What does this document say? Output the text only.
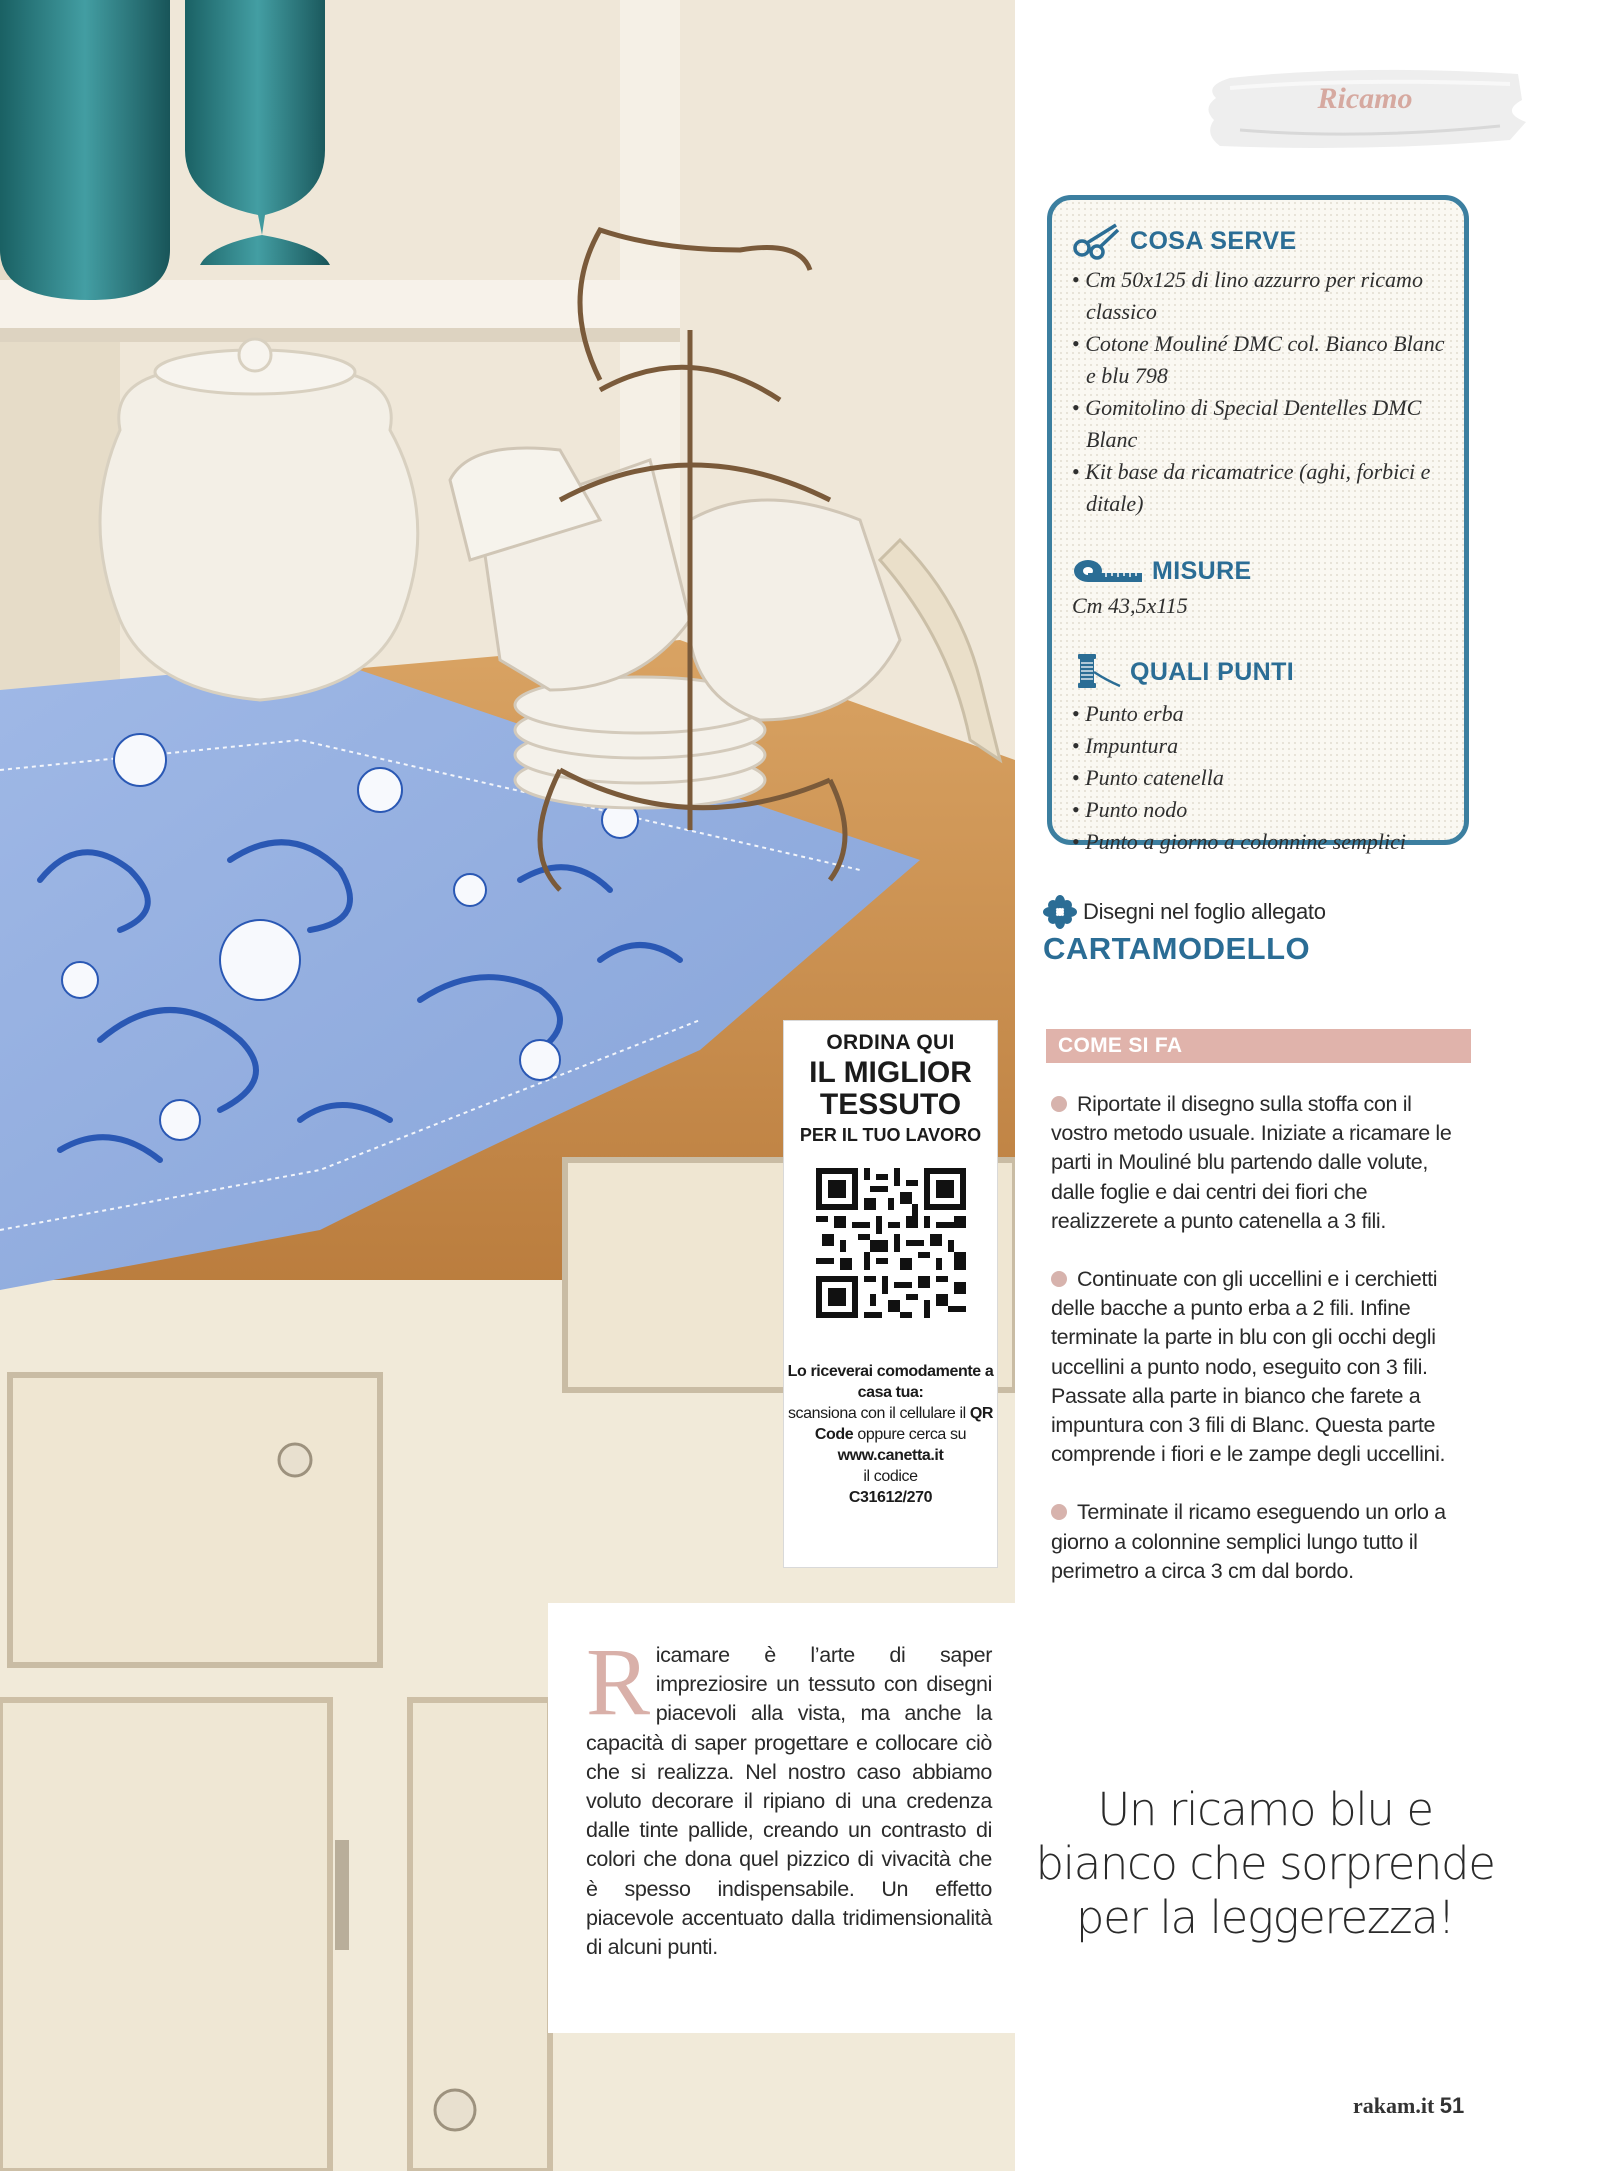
ORDINA QUI
IL MIGLIOR TESSUTO
PER IL TUO LAVORO
Lo riceverai comodamente a casa tua:
scansiona con il cellulare il QR Code oppure cerca su
www.canetta.it
il codice
C31612/270
Ricamo
COSA SERVE
• Cm 50x125 di lino azzurro per ricamo classico
• Cotone Mouliné DMC col. Bianco Blanc e blu 798
• Gomitolino di Special Dentelles DMC Blanc
• Kit base da ricamatrice (aghi, forbici e ditale)
MISURE
Cm 43,5x115
QUALI PUNTI
• Punto erba
• Impuntura
• Punto catenella
• Punto nodo
• Punto a giorno a colonnine semplici
Disegni nel foglio allegato
CARTAMODELLO
COME SI FA

Riportate il disegno sulla stoffa con il vostro metodo usuale. Iniziate a ricamare le parti in Mouliné blu partendo dalle volute, dalle foglie e dai centri dei fiori che realizzerete a punto catenella a 3 fili.

Continuate con gli uccellini e i cerchietti delle bacche a punto erba a 2 fili. Infine terminate la parte in blu con gli occhi degli uccellini a punto nodo, eseguito con 3 fili.

Passate alla parte in bianco che farete a impuntura con 3 fili di Blanc. Questa parte comprende i fiori e le zampe degli uccellini.

Terminate il ricamo eseguendo un orlo a giorno a colonnine semplici lungo tutto il perimetro a circa 3 cm dal bordo.

Un ricamo blu e bianco che sorprende per la leggerezza!
Ricamare è l’arte di saper impreziosire un tessuto con disegni piacevoli alla vista, ma anche la capacità di saper progettare e collocare ciò che si realizza. Nel nostro caso abbiamo voluto decorare il ripiano di una credenza dalle tinte pallide, creando un contrasto di colori che dona quel pizzico di vivacità che è spesso indispensabile. Un effetto piacevole accentuato dalla tridimensionalità di alcuni punti.
rakam.it 51
